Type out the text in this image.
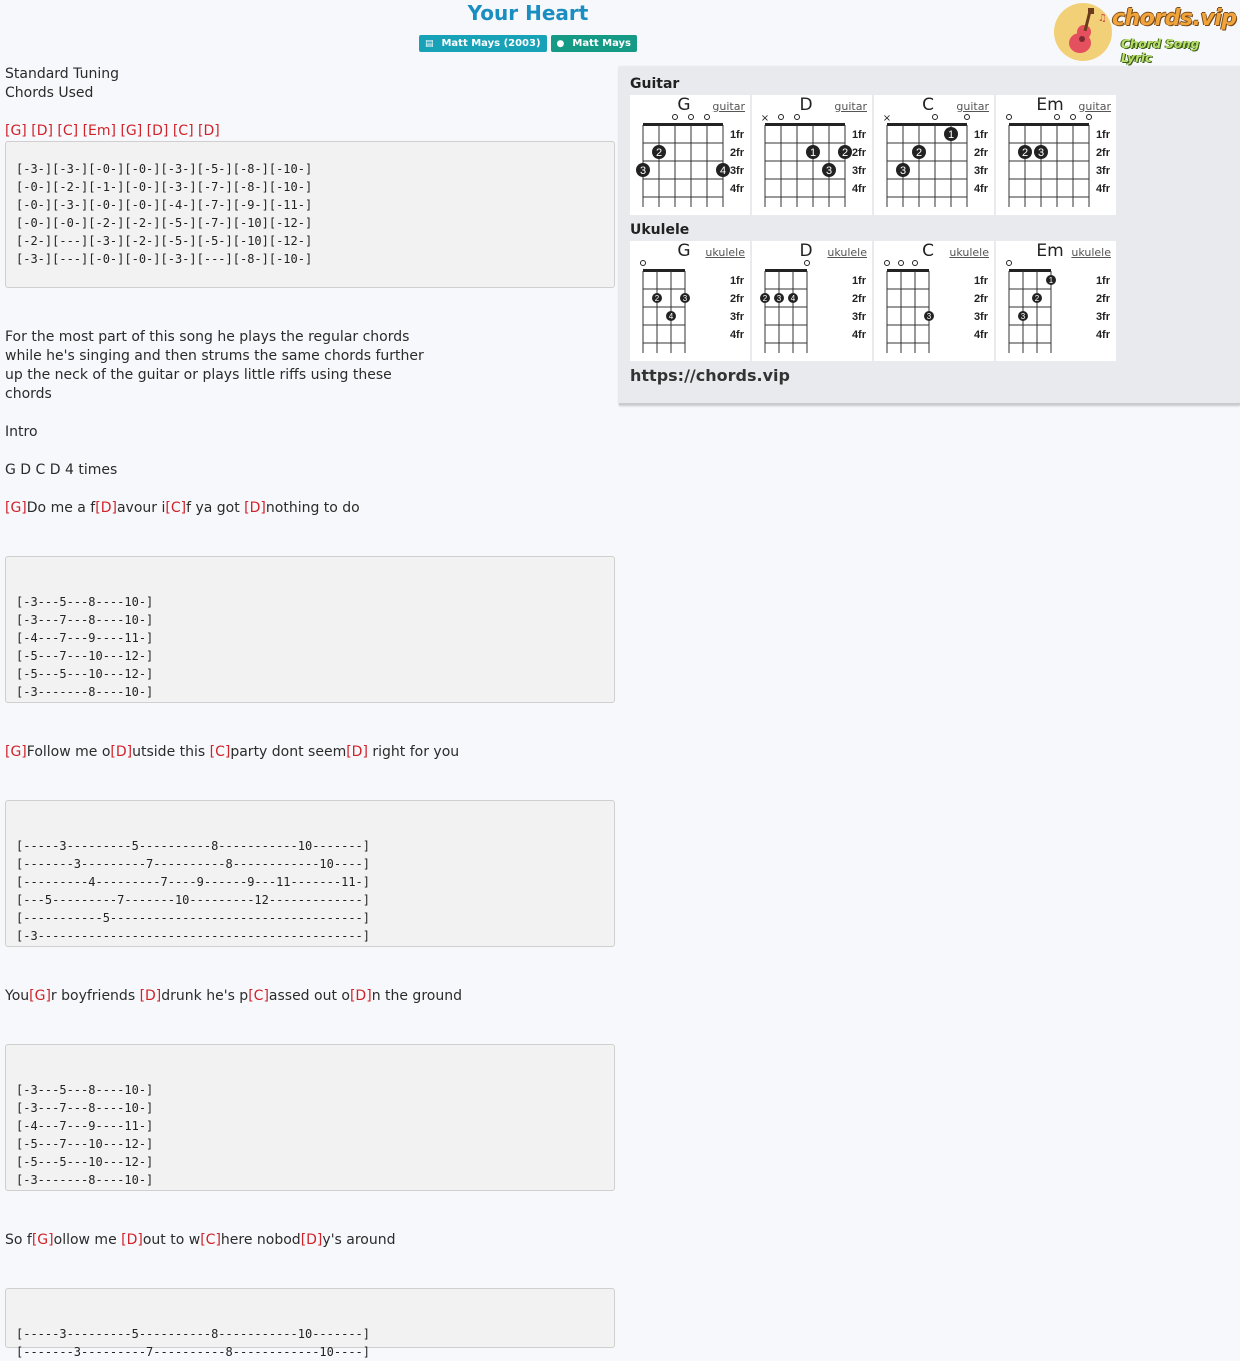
Your Heart
▤ Matt Mays (2003) ● Matt Mays
♫ chords.vip
Chord Song Lyric
Standard Tuning
Chords Used
[G] [D] [C] [Em] [G] [D] [C] [D]

[-3-][-3-][-0-][-0-][-3-][-5-][-8-][-10-]
[-0-][-2-][-1-][-0-][-3-][-7-][-8-][-10-]
[-0-][-3-][-0-][-0-][-4-][-7-][-9-][-11-]
[-0-][-0-][-2-][-2-][-5-][-7-][-10][-12-]
[-2-][---][-3-][-2-][-5-][-5-][-10][-12-]
[-3-][---][-0-][-0-][-3-][---][-8-][-10-]
For the most part of this song he plays the regular chords
while he's singing and then strums the same chords further
up the neck of the guitar or plays little riffs using these
chords
Intro
G D C D 4 times
[G]Do me a f[D]avour i[C]f ya got [D]nothing to do

[-3---5---8----10-]
[-3---7---8----10-]
[-4---7---9----11-]
[-5---7---10---12-]
[-5---5---10---12-]
[-3-------8----10-]
[G]Follow me o[D]utside this [C]party dont seem[D] right for you

[-----3---------5----------8-----------10-------]
[-------3---------7----------8------------10----]
[---------4---------7----9------9---11-------11-]
[---5---------7-------10---------12-------------]
[-----------5-----------------------------------]
[-3---------------------------------------------]
You[G]r boyfriends [D]drunk he's p[C]assed out o[D]n the ground

[-3---5---8----10-]
[-3---7---8----10-]
[-4---7---9----11-]
[-5---7---10---12-]
[-5---5---10---12-]
[-3-------8----10-]
So f[G]ollow me [D]out to w[C]here nobod[D]y's around

[-----3---------5----------8-----------10-------]
[-------3---------7----------8------------10----]
Guitar
1fr
2fr
3fr
4fr
2
3	4
G	guitar
1fr
2fr
3fr
4fr
×
1 2
3
D	guitar
1fr
2fr
3fr
4fr
×
1
2
3
C	guitar
1fr
2fr
3fr
4fr
2 3
Em	guitar
Ukulele
1fr
2fr
3fr
4fr
2	3
4
G	ukulele
1fr
2fr
3fr
4fr
2 3 4
D	ukulele
1fr
2fr
3fr
4fr
3
C	ukulele
1fr
2fr
3fr
4fr
1
2
3
Em ukulele
https://chords.vip
